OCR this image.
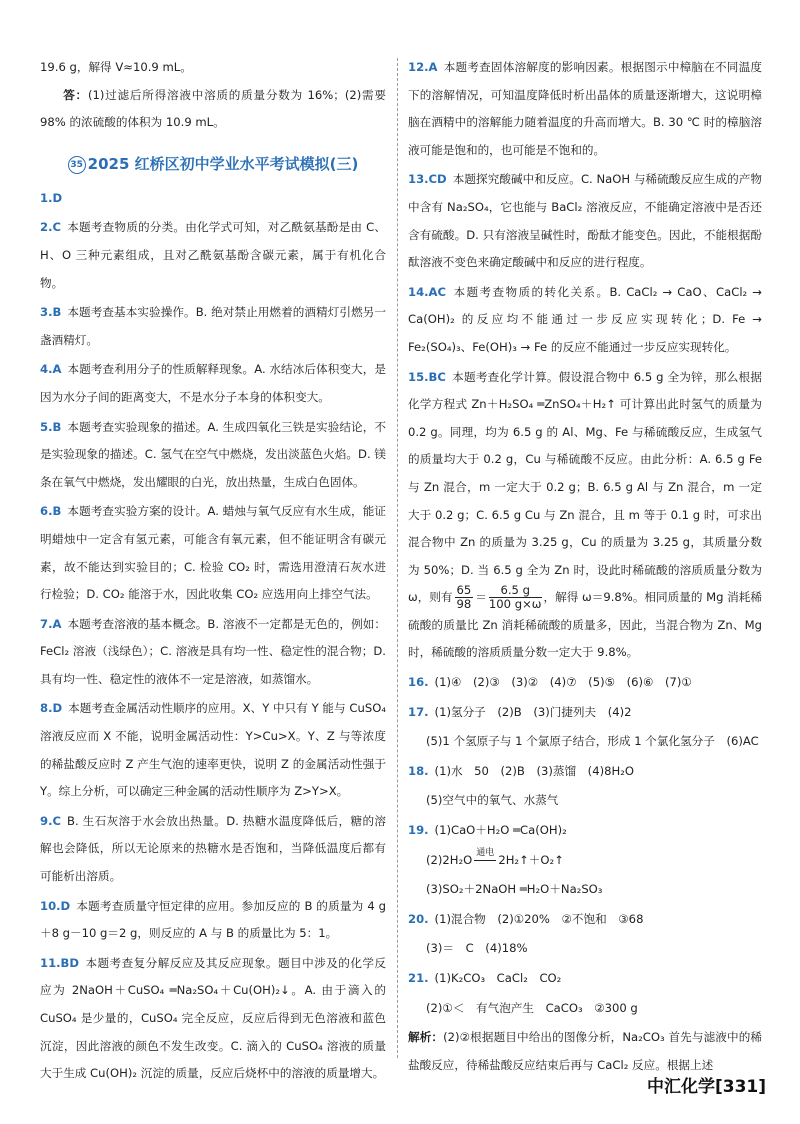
19.6 g，解得 V≈10.9 mL。

答：(1)过滤后所得溶液中溶质的质量分数为 16%；(2)需要 98% 的浓硫酸的体积为 10.9 mL。

35 2025 红桥区初中学业水平考试模拟(三)

1.D

2.C 本题考查物质的分类。由化学式可知，对乙酰氨基酚是由 C、H、O 三种元素组成，且对乙酰氨基酚含碳元素，属于有机化合物。

3.B 本题考查基本实验操作。B. 绝对禁止用燃着的酒精灯引燃另一盏酒精灯。

4.A 本题考查利用分子的性质解释现象。A. 水结冰后体积变大，是因为水分子间的距离变大，不是水分子本身的体积变大。

5.B 本题考查实验现象的描述。A. 生成四氧化三铁是实验结论，不是实验现象的描述。C. 氢气在空气中燃烧，发出淡蓝色火焰。D. 镁条在氧气中燃烧，发出耀眼的白光，放出热量，生成白色固体。

6.B 本题考查实验方案的设计。A. 蜡烛与氧气反应有水生成，能证明蜡烛中一定含有氢元素，可能含有氧元素，但不能证明含有碳元素，故不能达到实验目的；C. 检验 CO₂ 时，需选用澄清石灰水进行检验；D. CO₂ 能溶于水，因此收集 CO₂ 应选用向上排空气法。

7.A 本题考查溶液的基本概念。B. 溶液不一定都是无色的，例如：FeCl₂ 溶液（浅绿色）；C. 溶液是具有均一性、稳定性的混合物；D. 具有均一性、稳定性的液体不一定是溶液，如蒸馏水。

8.D 本题考查金属活动性顺序的应用。X、Y 中只有 Y 能与 CuSO₄ 溶液反应而 X 不能，说明金属活动性：Y>Cu>X。Y、Z 与等浓度的稀盐酸反应时 Z 产生气泡的速率更快，说明 Z 的金属活动性强于 Y。综上分析，可以确定三种金属的活动性顺序为 Z>Y>X。

9.C B. 生石灰溶于水会放出热量。D. 热糖水温度降低后，糖的溶解也会降低，所以无论原来的热糖水是否饱和，当降低温度后都有可能析出溶质。

10.D 本题考查质量守恒定律的应用。参加反应的 B 的质量为 4 g＋8 g－10 g＝2 g，则反应的 A 与 B 的质量比为 5：1。

11.BD 本题考查复分解反应及其反应现象。题目中涉及的化学反应为 2NaOH＋CuSO₄ ═Na₂SO₄＋Cu(OH)₂↓。A. 由于滴入的 CuSO₄ 是少量的，CuSO₄ 完全反应，反应后得到无色溶液和蓝色沉淀，因此溶液的颜色不发生改变。C. 滴入的 CuSO₄ 溶液的质量大于生成 Cu(OH)₂ 沉淀的质量，反应后烧杯中的溶液的质量增大。

12.A 本题考查固体溶解度的影响因素。根据图示中樟脑在不同温度下的溶解情况，可知温度降低时析出晶体的质量逐渐增大，这说明樟脑在酒精中的溶解能力随着温度的升高而增大。B. 30 ℃ 时的樟脑溶液可能是饱和的，也可能是不饱和的。

13.CD 本题探究酸碱中和反应。C. NaOH 与稀硫酸反应生成的产物中含有 Na₂SO₄，它也能与 BaCl₂ 溶液反应，不能确定溶液中是否还含有硫酸。D. 只有溶液呈碱性时，酚酞才能变色。因此，不能根据酚酞溶液不变色来确定酸碱中和反应的进行程度。

14.AC 本题考查物质的转化关系。B. CaCl₂ → CaO、CaCl₂ → Ca(OH)₂ 的反应均不能通过一步反应实现转化；D. Fe → Fe₂(SO₄)₃、Fe(OH)₃ → Fe 的反应不能通过一步反应实现转化。

15.BC 本题考查化学计算。假设混合物中 6.5 g 全为锌，那么根据化学方程式 Zn＋H₂SO₄ ═ZnSO₄＋H₂↑ 可计算出此时氢气的质量为 0.2 g。同理，均为 6.5 g 的 Al、Mg、Fe 与稀硫酸反应，生成氢气的质量均大于 0.2 g，Cu 与稀硫酸不反应。由此分析：A. 6.5 g Fe 与 Zn 混合，m 一定大于 0.2 g；B. 6.5 g Al 与 Zn 混合，m 一定大于 0.2 g；C. 6.5 g Cu 与 Zn 混合，且 m 等于 0.1 g 时，可求出混合物中 Zn 的质量为 3.25 g，Cu 的质量为 3.25 g，其质量分数为 50%；D. 当 6.5 g 全为 Zn 时，设此时稀硫酸的溶质质量分数为 ω，则有 $\frac{65}{98} = \frac{6.5 g}{100 g\times\omega}$ ，解得 ω＝9.8%。相同质量的 Mg 消耗稀硫酸的质量比 Zn 消耗稀硫酸的质量多，因此，当混合物为 Zn、Mg 时，稀硫酸的溶质质量分数一定大于 9.8%。

16. (1)④　(2)③　(3)②　(4)⑦　(5)⑤　(6)⑥　(7)①

17. (1)氢分子　(2)B　(3)门捷列夫　(4)2

(5)1 个氢原子与 1 个氯原子结合，形成 1 个氯化氢分子　(6)AC

18. (1)水　50　(2)B　(3)蒸馏　(4)8H₂O

(5)空气中的氧气、水蒸气

19. (1)CaO＋H₂O ═Ca(OH)₂

(2)2H₂O 通电
2H₂↑＋O₂↑

(3)SO₂＋2NaOH ═H₂O＋Na₂SO₃

20. (1)混合物　(2)①20%　②不饱和　③68

(3)＝　C　(4)18%

21. (1)K₂CO₃　CaCl₂　CO₂

(2)①＜　有气泡产生　CaCO₃　②300 g

解析：(2)②根据题目中给出的图像分析，Na₂CO₃ 首先与滤液中的稀盐酸反应，待稀盐酸反应结束后再与 CaCl₂ 反应。根据上述

中汇化学[331]
